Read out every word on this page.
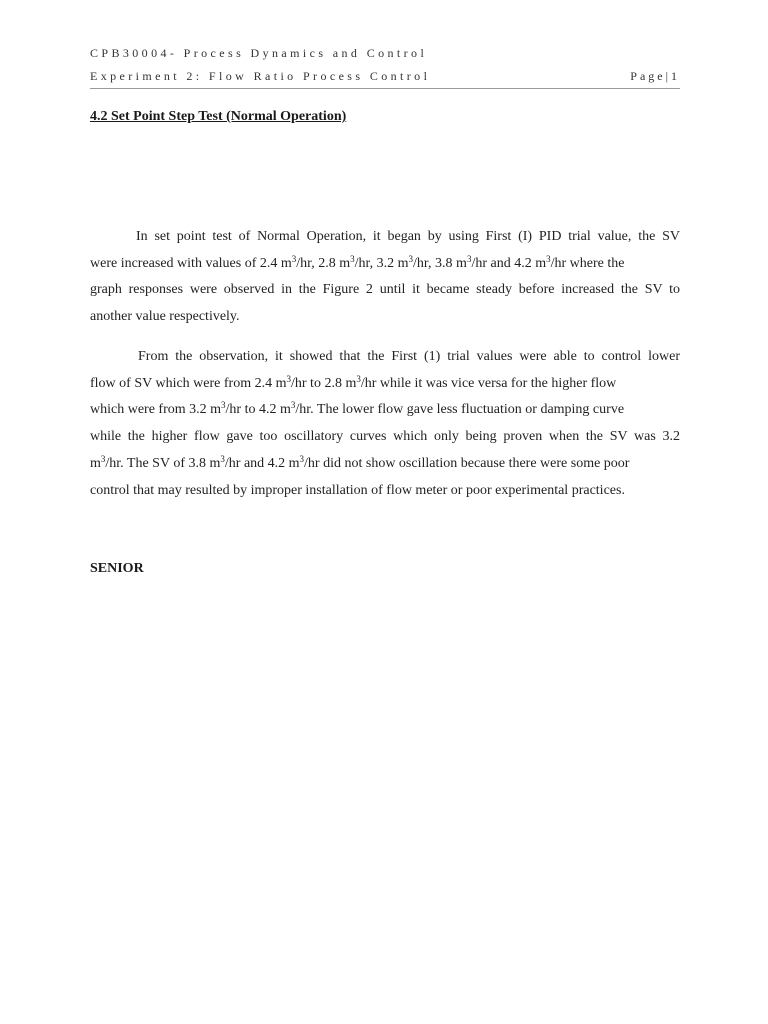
CPB30004- Process Dynamics and Control
Experiment 2: Flow Ratio Process Control	Page|1
4.2 Set Point Step Test (Normal Operation)
In set point test of Normal Operation, it began by using First (I) PID trial value, the SV
were increased with values of 2.4 $m^3/hr$, 2.8 $m^3/hr$, 3.2 $m^3/hr$, 3.8 $m^3/hr$ and 4.2 $m^3/hr$ where the
graph responses were observed in the Figure 2 until it became steady before increased the SV to
another value respectively.
From the observation, it showed that the First (1) trial values were able to control lower
flow of SV which were from 2.4 $m^3/hr$ to 2.8 $m^3/hr$ while it was vice versa for the higher flow
which were from 3.2 $m^3/hr$ to 4.2 $m^3/hr$. The lower flow gave less fluctuation or damping curve
while the higher flow gave too oscillatory curves which only being proven when the SV was 3.2
$m^3/hr$. The SV of 3.8 $m^3/hr$ and 4.2 $m^3/hr$ did not show oscillation because there were some poor
control that may resulted by improper installation of flow meter or poor experimental practices.
SENIOR
